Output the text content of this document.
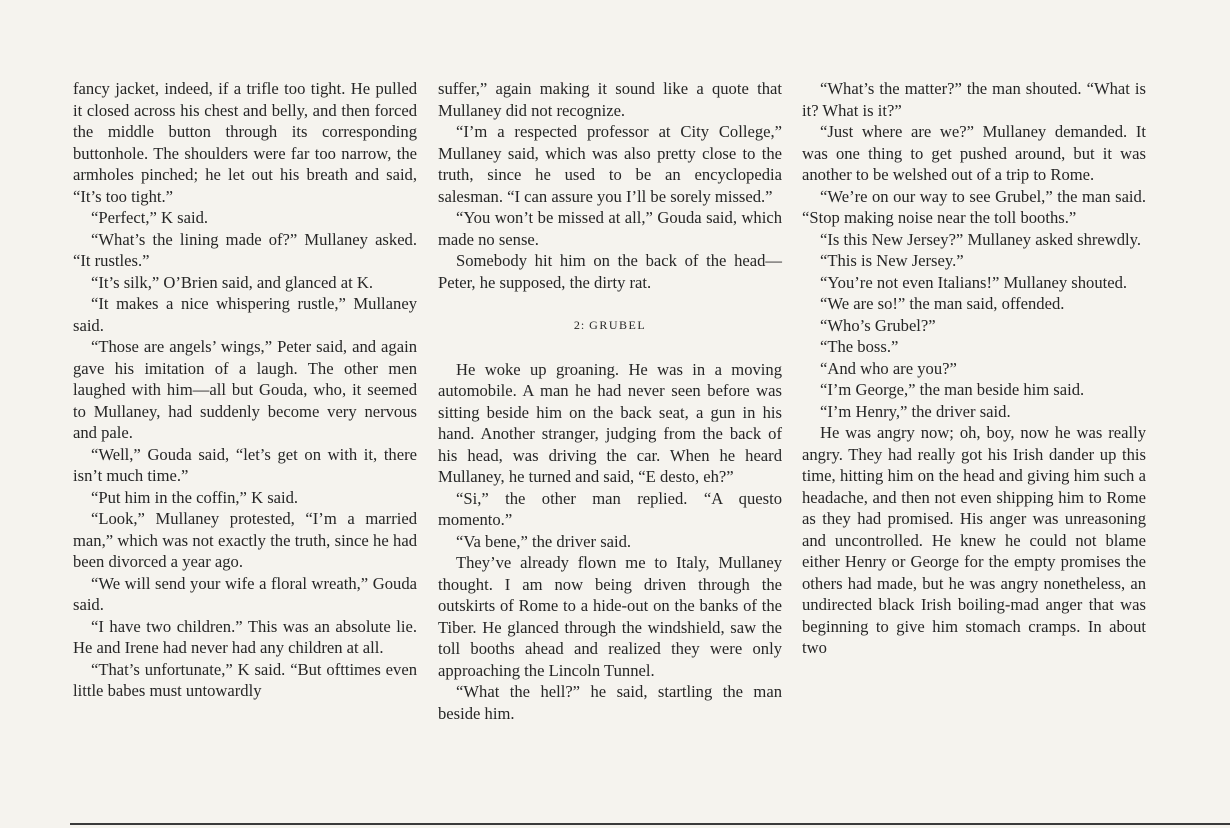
fancy jacket, indeed, if a trifle too tight. He pulled it closed across his chest and belly, and then forced the middle button through its corresponding buttonhole. The shoulders were far too narrow, the armholes pinched; he let out his breath and said, “It’s too tight.”

“Perfect,” K said.

“What’s the lining made of?” Mullaney asked. “It rustles.”

“It’s silk,” O’Brien said, and glanced at K.

“It makes a nice whispering rustle,” Mullaney said.

“Those are angels’ wings,” Peter said, and again gave his imitation of a laugh. The other men laughed with him—all but Gouda, who, it seemed to Mullaney, had suddenly become very nervous and pale.

“Well,” Gouda said, “let’s get on with it, there isn’t much time.”

“Put him in the coffin,” K said.

“Look,” Mullaney protested, “I’m a married man,” which was not exactly the truth, since he had been divorced a year ago.

“We will send your wife a floral wreath,” Gouda said.

“I have two children.” This was an absolute lie. He and Irene had never had any children at all.

“That’s unfortunate,” K said. “But ofttimes even little babes must untowardly

suffer,” again making it sound like a quote that Mullaney did not recognize.

“I’m a respected professor at City College,” Mullaney said, which was also pretty close to the truth, since he used to be an encyclopedia salesman. “I can assure you I’ll be sorely missed.”

“You won’t be missed at all,” Gouda said, which made no sense.

Somebody hit him on the back of the head—Peter, he supposed, the dirty rat.

2: GRUBEL

He woke up groaning. He was in a moving automobile. A man he had never seen before was sitting beside him on the back seat, a gun in his hand. Another stranger, judging from the back of his head, was driving the car. When he heard Mullaney, he turned and said, “E desto, eh?”

“Si,” the other man replied. “A questo momento.”

“Va bene,” the driver said.

They’ve already flown me to Italy, Mullaney thought. I am now being driven through the outskirts of Rome to a hide-out on the banks of the Tiber. He glanced through the windshield, saw the toll booths ahead and realized they were only approaching the Lincoln Tunnel.

“What the hell?” he said, startling the man beside him.

“What’s the matter?” the man shouted. “What is it? What is it?”

“Just where are we?” Mullaney demanded. It was one thing to get pushed around, but it was another to be welshed out of a trip to Rome.

“We’re on our way to see Grubel,” the man said. “Stop making noise near the toll booths.”

“Is this New Jersey?” Mullaney asked shrewdly.

“This is New Jersey.”

“You’re not even Italians!” Mullaney shouted.

“We are so!” the man said, offended.

“Who’s Grubel?”

“The boss.”

“And who are you?”

“I’m George,” the man beside him said.

“I’m Henry,” the driver said.

He was angry now; oh, boy, now he was really angry. They had really got his Irish dander up this time, hitting him on the head and giving him such a headache, and then not even shipping him to Rome as they had promised. His anger was unreasoning and uncontrolled. He knew he could not blame either Henry or George for the empty promises the others had made, but he was angry nonetheless, an undirected black Irish boiling-mad anger that was beginning to give him stomach cramps. In about two
